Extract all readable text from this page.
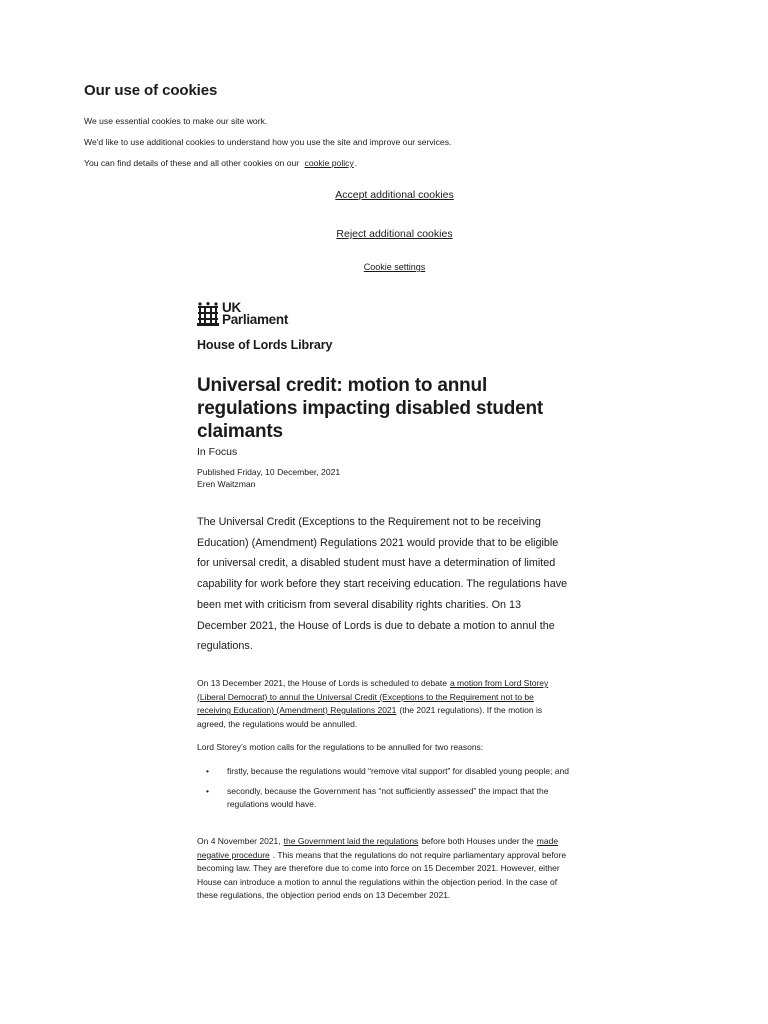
Our use of cookies

We use essential cookies to make our site work.

We'd like to use additional cookies to understand how you use the site and improve our services.

You can find details of these and all other cookies on our cookie policy.

Accept additional cookies
Reject additional cookies
Cookie settings
UK
Parliament
House of Lords Library
Universal credit: motion to annul regulations impacting disabled student claimants

In Focus

Published Friday, 10 December, 2021

Eren Waitzman

The Universal Credit (Exceptions to the Requirement not to be receiving Education) (Amendment) Regulations 2021 would provide that to be eligible for universal credit, a disabled student must have a determination of limited capability for work before they start receiving education. The regulations have been met with criticism from several disability rights charities. On 13 December 2021, the House of Lords is due to debate a motion to annul the regulations.

On 13 December 2021, the House of Lords is scheduled to debate a motion from Lord Storey (Liberal Democrat) to annul the Universal Credit (Exceptions to the Requirement not to be receiving Education) (Amendment) Regulations 2021 (the 2021 regulations). If the motion is agreed, the regulations would be annulled.

Lord Storey’s motion calls for the regulations to be annulled for two reasons:

• firstly, because the regulations would “remove vital support” for disabled young people; and
• secondly, because the Government has “not sufficiently assessed” the impact that the regulations would have.

On 4 November 2021, the Government laid the regulations before both Houses under the made negative procedure . This means that the regulations do not require parliamentary approval before becoming law. They are therefore due to come into force on 15 December 2021. However, either House can introduce a motion to annul the regulations within the objection period. In the case of these regulations, the objection period ends on 13 December 2021.
